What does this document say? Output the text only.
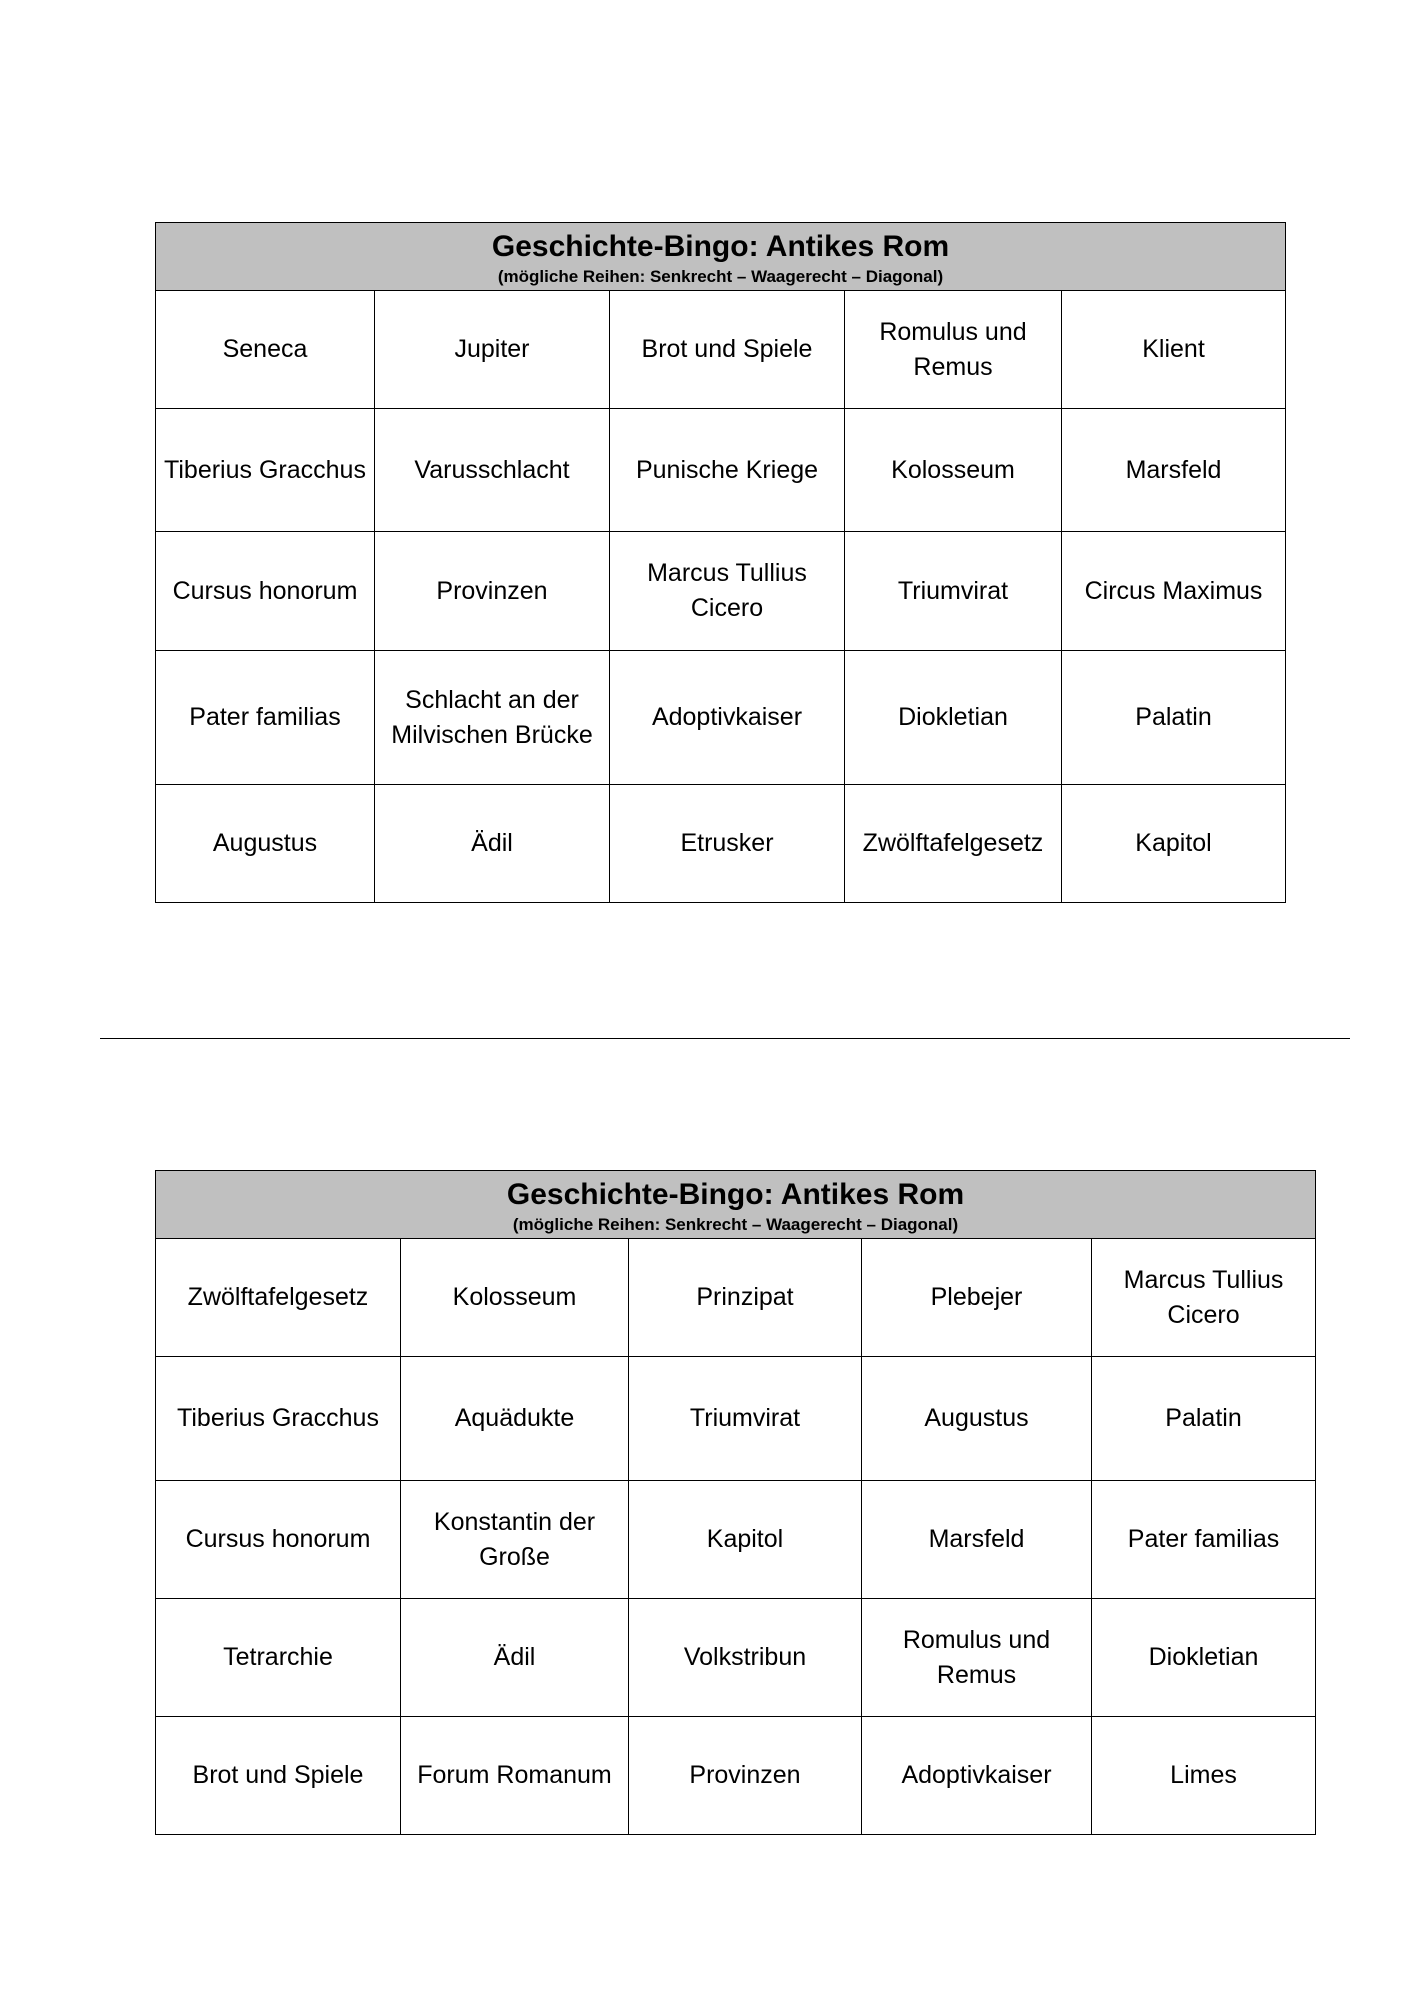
Geschichte-Bingo: Antikes Rom
(mögliche Reihen: Senkrecht – Waagerecht – Diagonal)				

Seneca	Jupiter	Brot und Spiele	Romulus und Remus	Klient
Tiberius Gracchus	Varusschlacht	Punische Kriege	Kolosseum	Marsfeld
Cursus honorum	Provinzen	Marcus Tullius Cicero	Triumvirat	Circus Maximus
Pater familias	Schlacht an der Milvischen Brücke	Adoptivkaiser	Diokletian	Palatin
Augustus	Ädil	Etrusker	Zwölftafelgesetz	Kapitol
Geschichte-Bingo: Antikes Rom
(mögliche Reihen: Senkrecht – Waagerecht – Diagonal)				

Zwölftafelgesetz	Kolosseum	Prinzipat	Plebejer	Marcus Tullius Cicero
Tiberius Gracchus	Aquädukte	Triumvirat	Augustus	Palatin
Cursus honorum	Konstantin der Große	Kapitol	Marsfeld	Pater familias
Tetrarchie	Ädil	Volkstribun	Romulus und Remus	Diokletian
Brot und Spiele	Forum Romanum	Provinzen	Adoptivkaiser	Limes
